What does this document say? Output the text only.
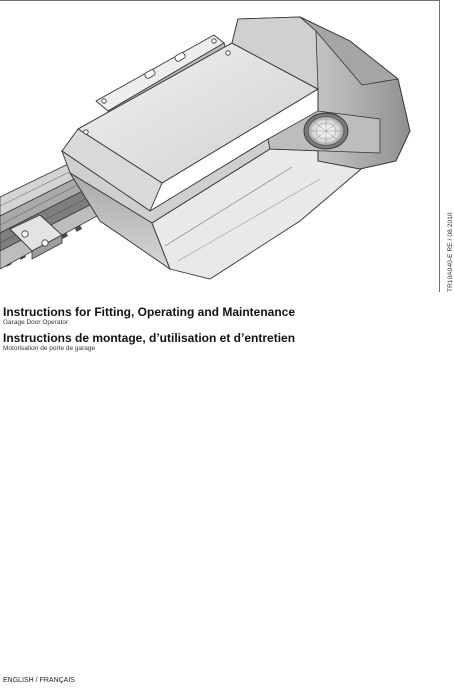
TR10A040-E RE / 08.2010
Instructions for Fitting, Operating and Maintenance
Garage Door Operator
Instructions de montage, d’utilisation et d’entretien
Motorisation de porte de garage
ENGLISH / FRANÇAIS
